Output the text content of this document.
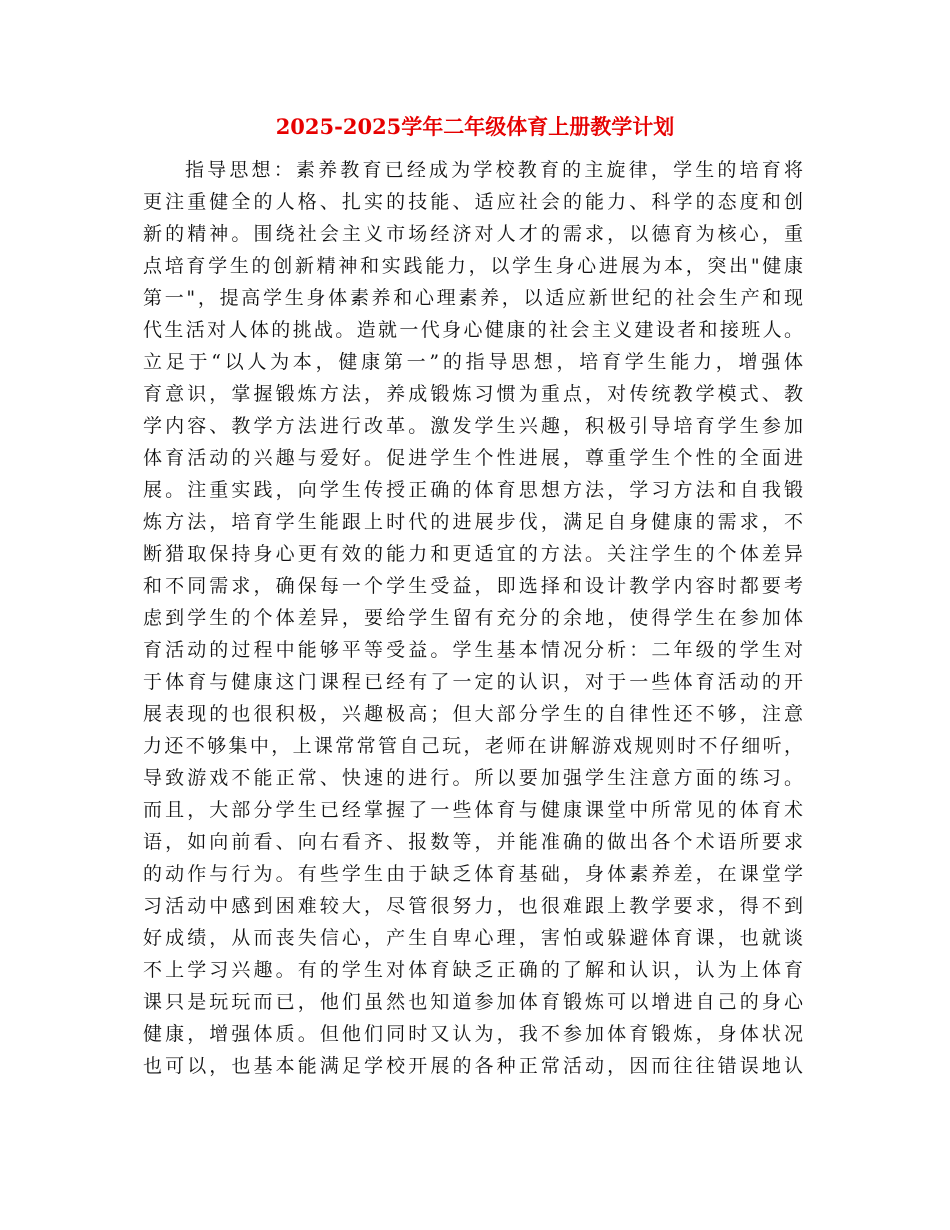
2025-2025学年二年级体育上册教学计划
指导思想：素养教育已经成为学校教育的主旋律，学生的培育将
更注重健全的人格、扎实的技能、适应社会的能力、科学的态度和创
新的精神。围绕社会主义市场经济对人才的需求，以德育为核心，重
点培育学生的创新精神和实践能力，以学生身心进展为本，突出"健康
第一"，提高学生身体素养和心理素养，以适应新世纪的社会生产和现
代生活对人体的挑战。造就一代身心健康的社会主义建设者和接班人。
立足于“以人为本，健康第一”的指导思想，培育学生能力，增强体
育意识，掌握锻炼方法，养成锻炼习惯为重点，对传统教学模式、教
学内容、教学方法进行改革。激发学生兴趣，积极引导培育学生参加
体育活动的兴趣与爱好。促进学生个性进展，尊重学生个性的全面进
展。注重实践，向学生传授正确的体育思想方法，学习方法和自我锻
炼方法，培育学生能跟上时代的进展步伐，满足自身健康的需求，不
断猎取保持身心更有效的能力和更适宜的方法。关注学生的个体差异
和不同需求，确保每一个学生受益，即选择和设计教学内容时都要考
虑到学生的个体差异，要给学生留有充分的余地，使得学生在参加体
育活动的过程中能够平等受益。学生基本情况分析：二年级的学生对
于体育与健康这门课程已经有了一定的认识，对于一些体育活动的开
展表现的也很积极，兴趣极高；但大部分学生的自律性还不够，注意
力还不够集中，上课常常管自己玩，老师在讲解游戏规则时不仔细听，
导致游戏不能正常、快速的进行。所以要加强学生注意方面的练习。
而且，大部分学生已经掌握了一些体育与健康课堂中所常见的体育术
语，如向前看、向右看齐、报数等，并能准确的做出各个术语所要求
的动作与行为。有些学生由于缺乏体育基础，身体素养差，在课堂学
习活动中感到困难较大，尽管很努力，也很难跟上教学要求，得不到
好成绩，从而丧失信心，产生自卑心理，害怕或躲避体育课，也就谈
不上学习兴趣。有的学生对体育缺乏正确的了解和认识，认为上体育
课只是玩玩而已，他们虽然也知道参加体育锻炼可以增进自己的身心
健康，增强体质。但他们同时又认为，我不参加体育锻炼，身体状况
也可以，也基本能满足学校开展的各种正常活动，因而往往错误地认
